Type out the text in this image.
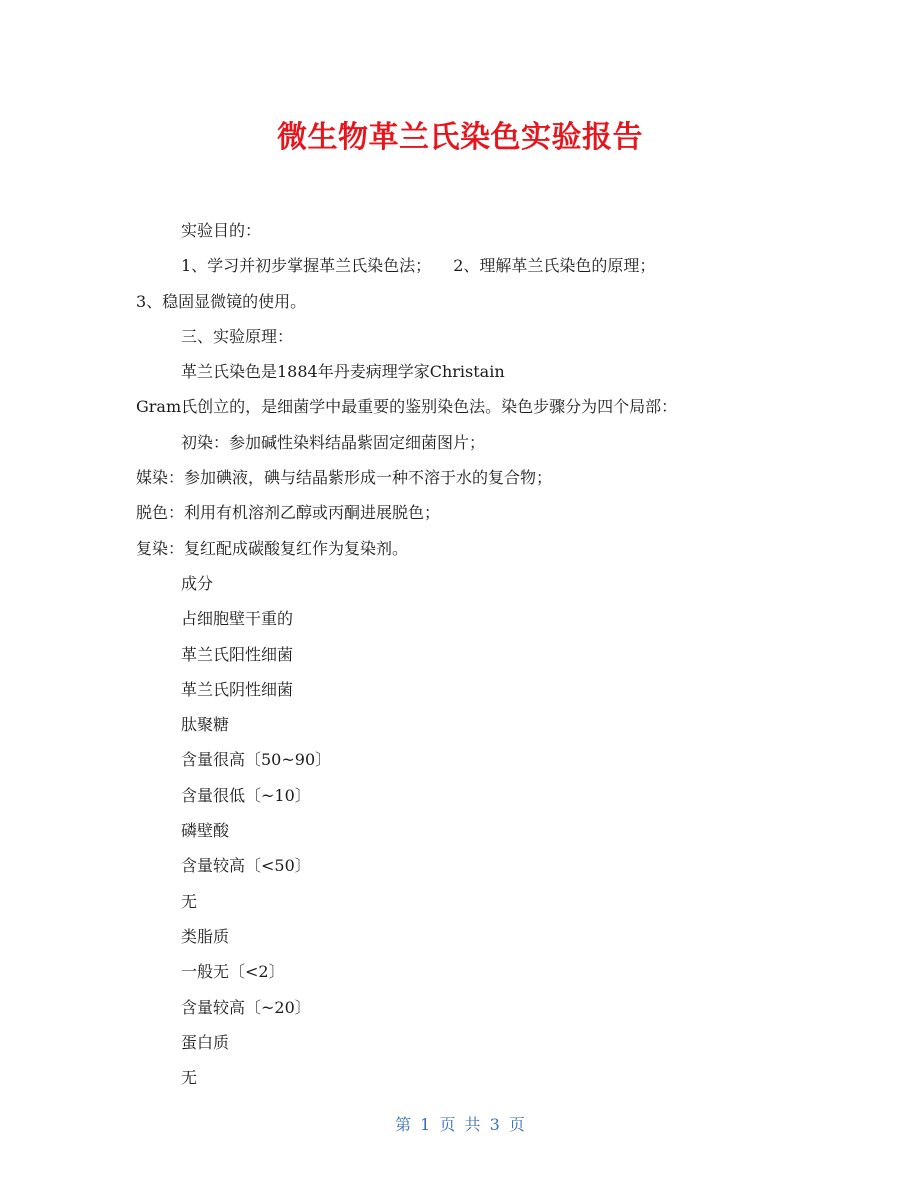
微生物革兰氏染色实验报告
实验目的：
1、学习并初步掌握革兰氏染色法； 2、理解革兰氏染色的原理；
3、稳固显微镜的使用。
三、实验原理：
革兰氏染色是1884年丹麦病理学家Christain
Gram氏创立的，是细菌学中最重要的鉴别染色法。染色步骤分为四个局部：
初染：参加碱性染料结晶紫固定细菌图片；
媒染：参加碘液，碘与结晶紫形成一种不溶于水的复合物；
脱色：利用有机溶剂乙醇或丙酮进展脱色；
复染：复红配成碳酸复红作为复染剂。
成分
占细胞壁干重的
革兰氏阳性细菌
革兰氏阴性细菌
肽聚糖
含量很高〔50~90〕
含量很低〔~10〕
磷壁酸
含量较高〔<50〕
无
类脂质
一般无〔<2〕
含量较高〔~20〕
蛋白质
无
第 1 页 共 3 页
